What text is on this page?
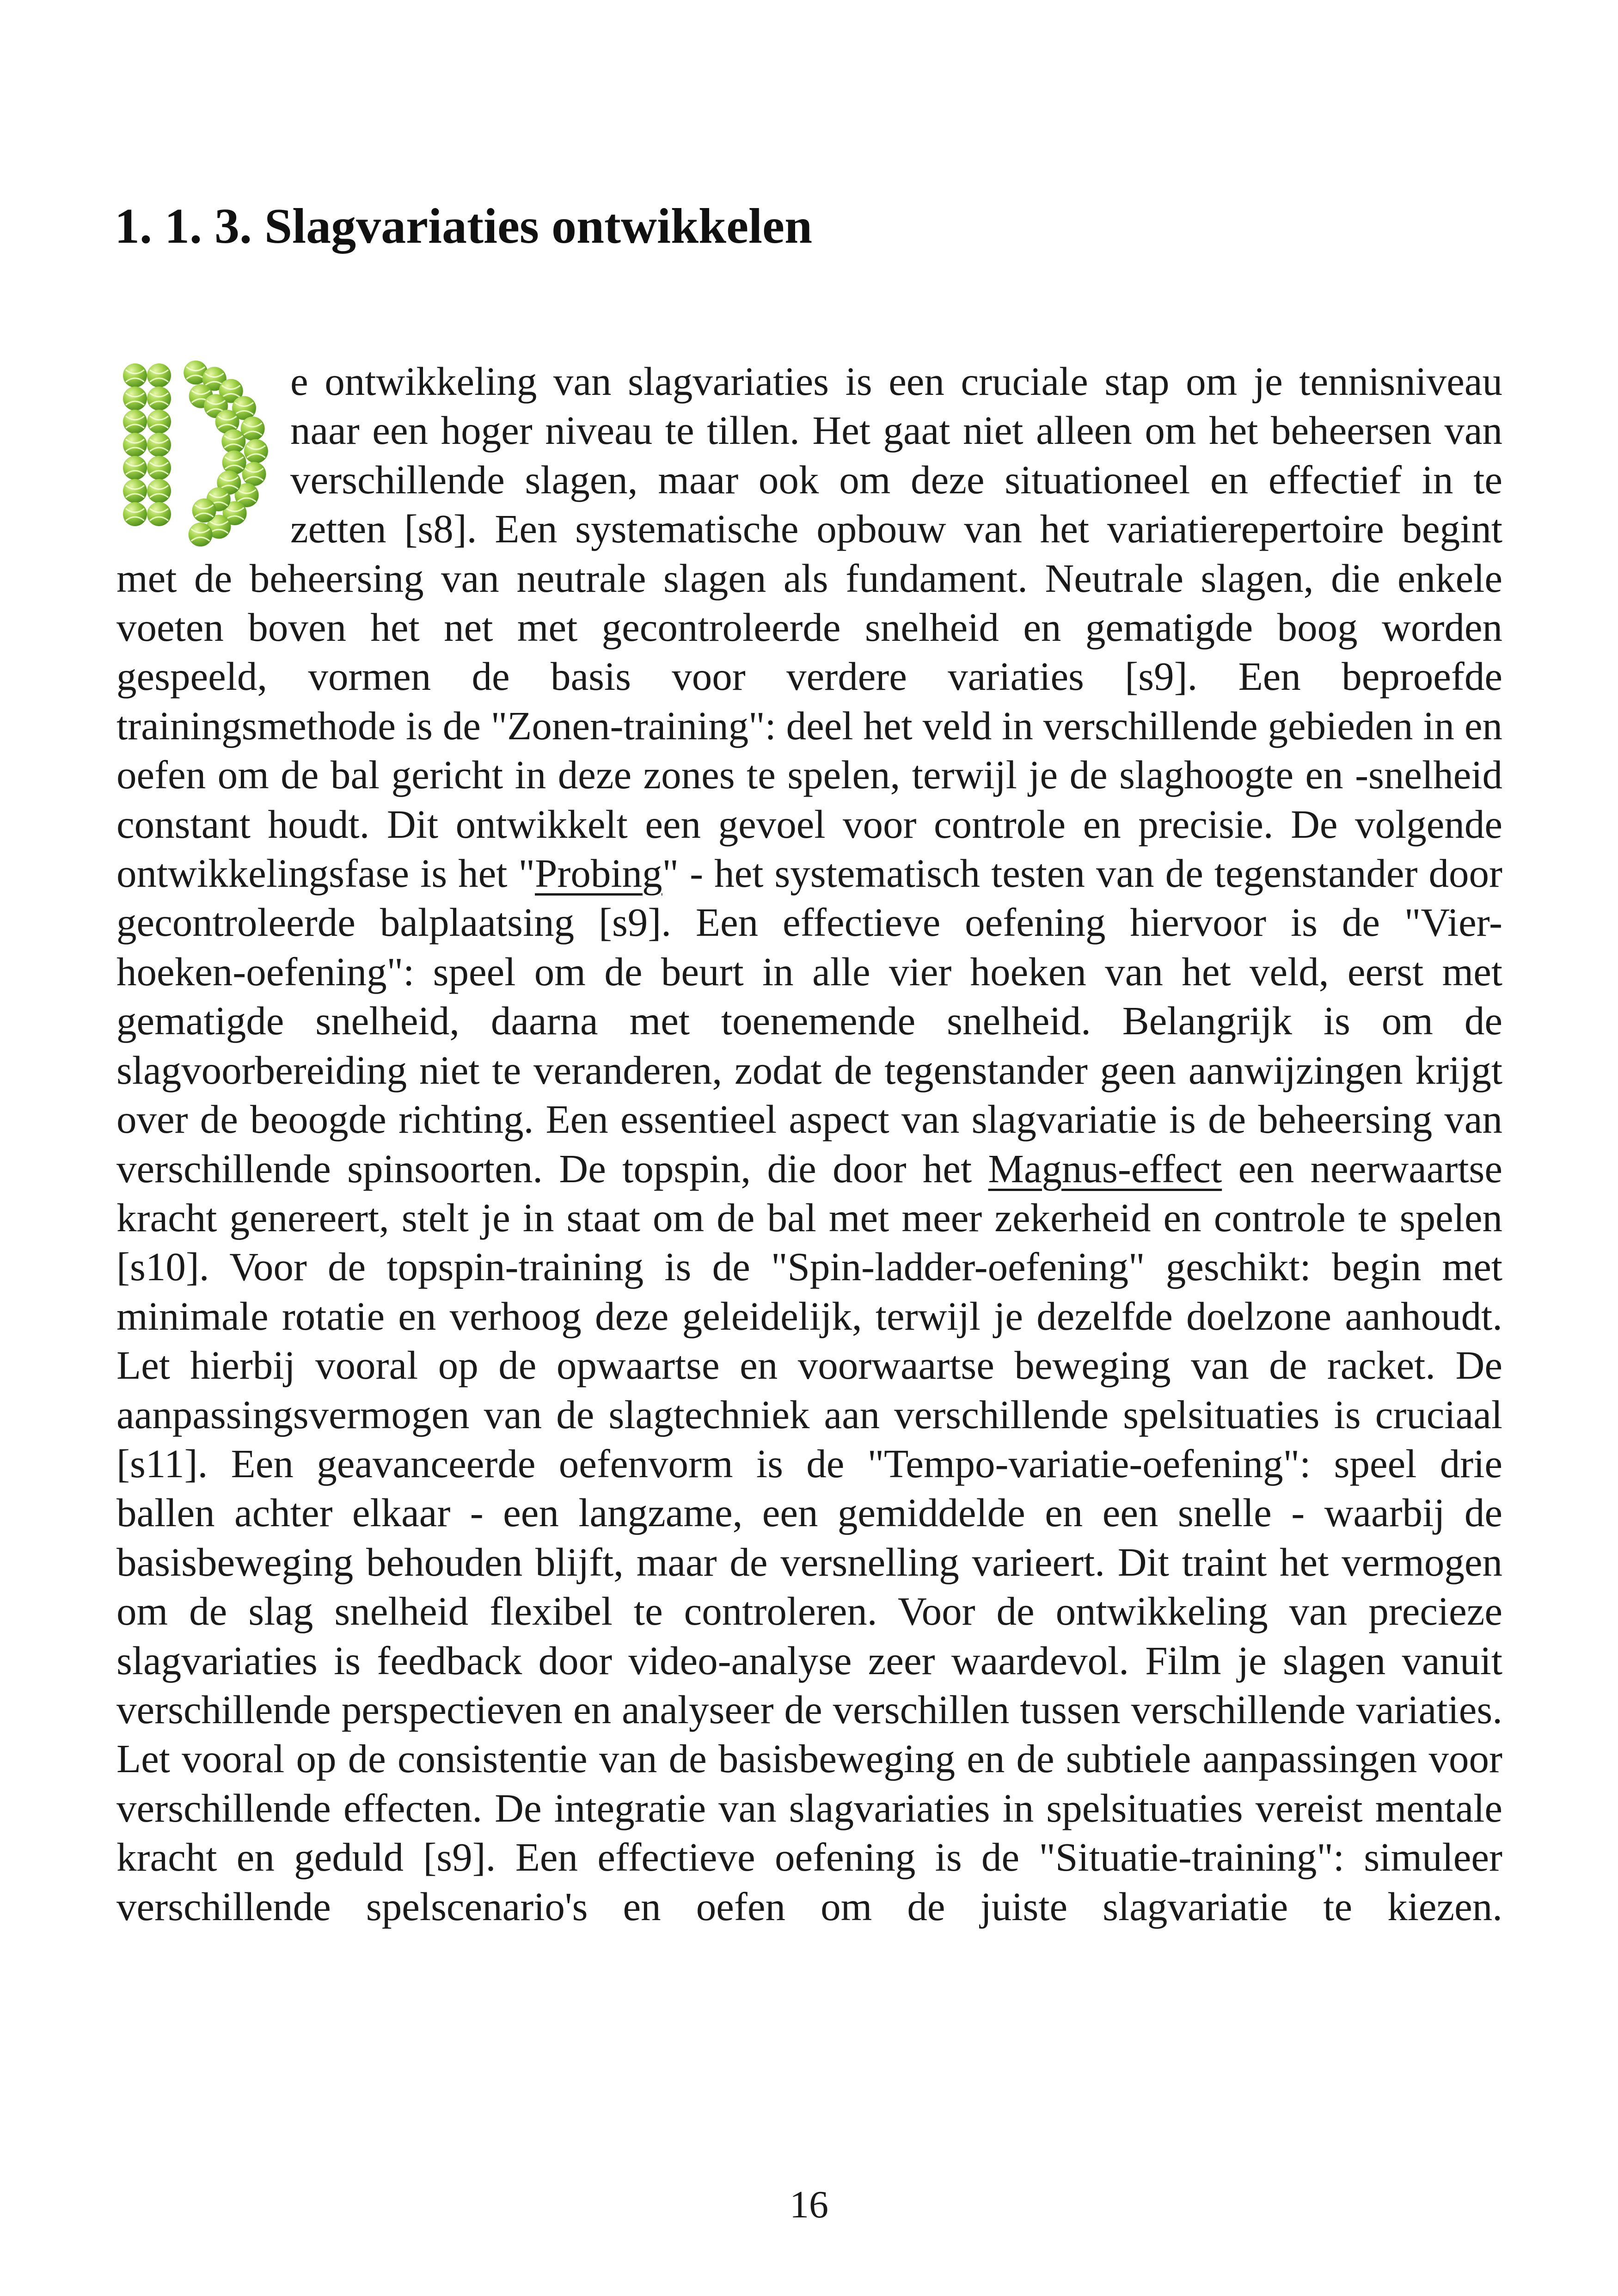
1. 1. 3. Slagvariaties ontwikkelen

e ontwikkeling van slagvariaties is een cruciale stap om je tennisniveau naar een hoger niveau te tillen. Het gaat niet alleen om het beheersen van verschillende slagen, maar ook om deze situationeel en effectief in te zetten [s8]. Een systematische opbouw van het variatierepertoire begint met de beheersing van neutrale slagen als fundament. Neutrale slagen, die enkele voeten boven het net met gecontroleerde snelheid en gematigde boog worden gespeeld, vormen de basis voor verdere variaties [s9]. Een beproefde trainingsmethode is de "Zonen-training": deel het veld in verschillende gebieden in en oefen om de bal gericht in deze zones te spelen, terwijl je de slaghoogte en -snelheid constant houdt. Dit ontwikkelt een gevoel voor controle en precisie. De volgende ontwikkelingsfase is het "Probing" - het systematisch testen van de tegenstander door gecontroleerde balplaatsing [s9]. Een effectieve oefening hiervoor is de "Vier-hoeken-oefening": speel om de beurt in alle vier hoeken van het veld, eerst met gematigde snelheid, daarna met toenemende snelheid. Belangrijk is om de slagvoorbereiding niet te veranderen, zodat de tegenstander geen aanwijzingen krijgt over de beoogde richting. Een essentieel aspect van slagvariatie is de beheersing van verschillende spinsoorten. De topspin, die door het Magnus-effect een neerwaartse kracht genereert, stelt je in staat om de bal met meer zekerheid en controle te spelen [s10]. Voor de topspin-training is de "Spin-ladder-oefening" geschikt: begin met minimale rotatie en verhoog deze geleidelijk, terwijl je dezelfde doelzone aanhoudt. Let hierbij vooral op de opwaartse en voorwaartse beweging van de racket. De aanpassingsvermogen van de slagtechniek aan verschillende spelsituaties is cruciaal [s11]. Een geavanceerde oefenvorm is de "Tempo-variatie-oefening": speel drie ballen achter elkaar - een langzame, een gemiddelde en een snelle - waarbij de basisbeweging behouden blijft, maar de versnelling varieert. Dit traint het vermogen om de slag snelheid flexibel te controleren. Voor de ontwikkeling van precieze slagvariaties is feedback door video-analyse zeer waardevol. Film je slagen vanuit verschillende perspectieven en analyseer de verschillen tussen verschillende variaties. Let vooral op de consistentie van de basisbeweging en de subtiele aanpassingen voor verschillende effecten. De integratie van slagvariaties in spelsituaties vereist mentale kracht en geduld [s9]. Een effectieve oefening is de "Situatie-training": simuleer verschillende spelscenario's en oefen om de juiste slagvariatie te kiezen.

16
